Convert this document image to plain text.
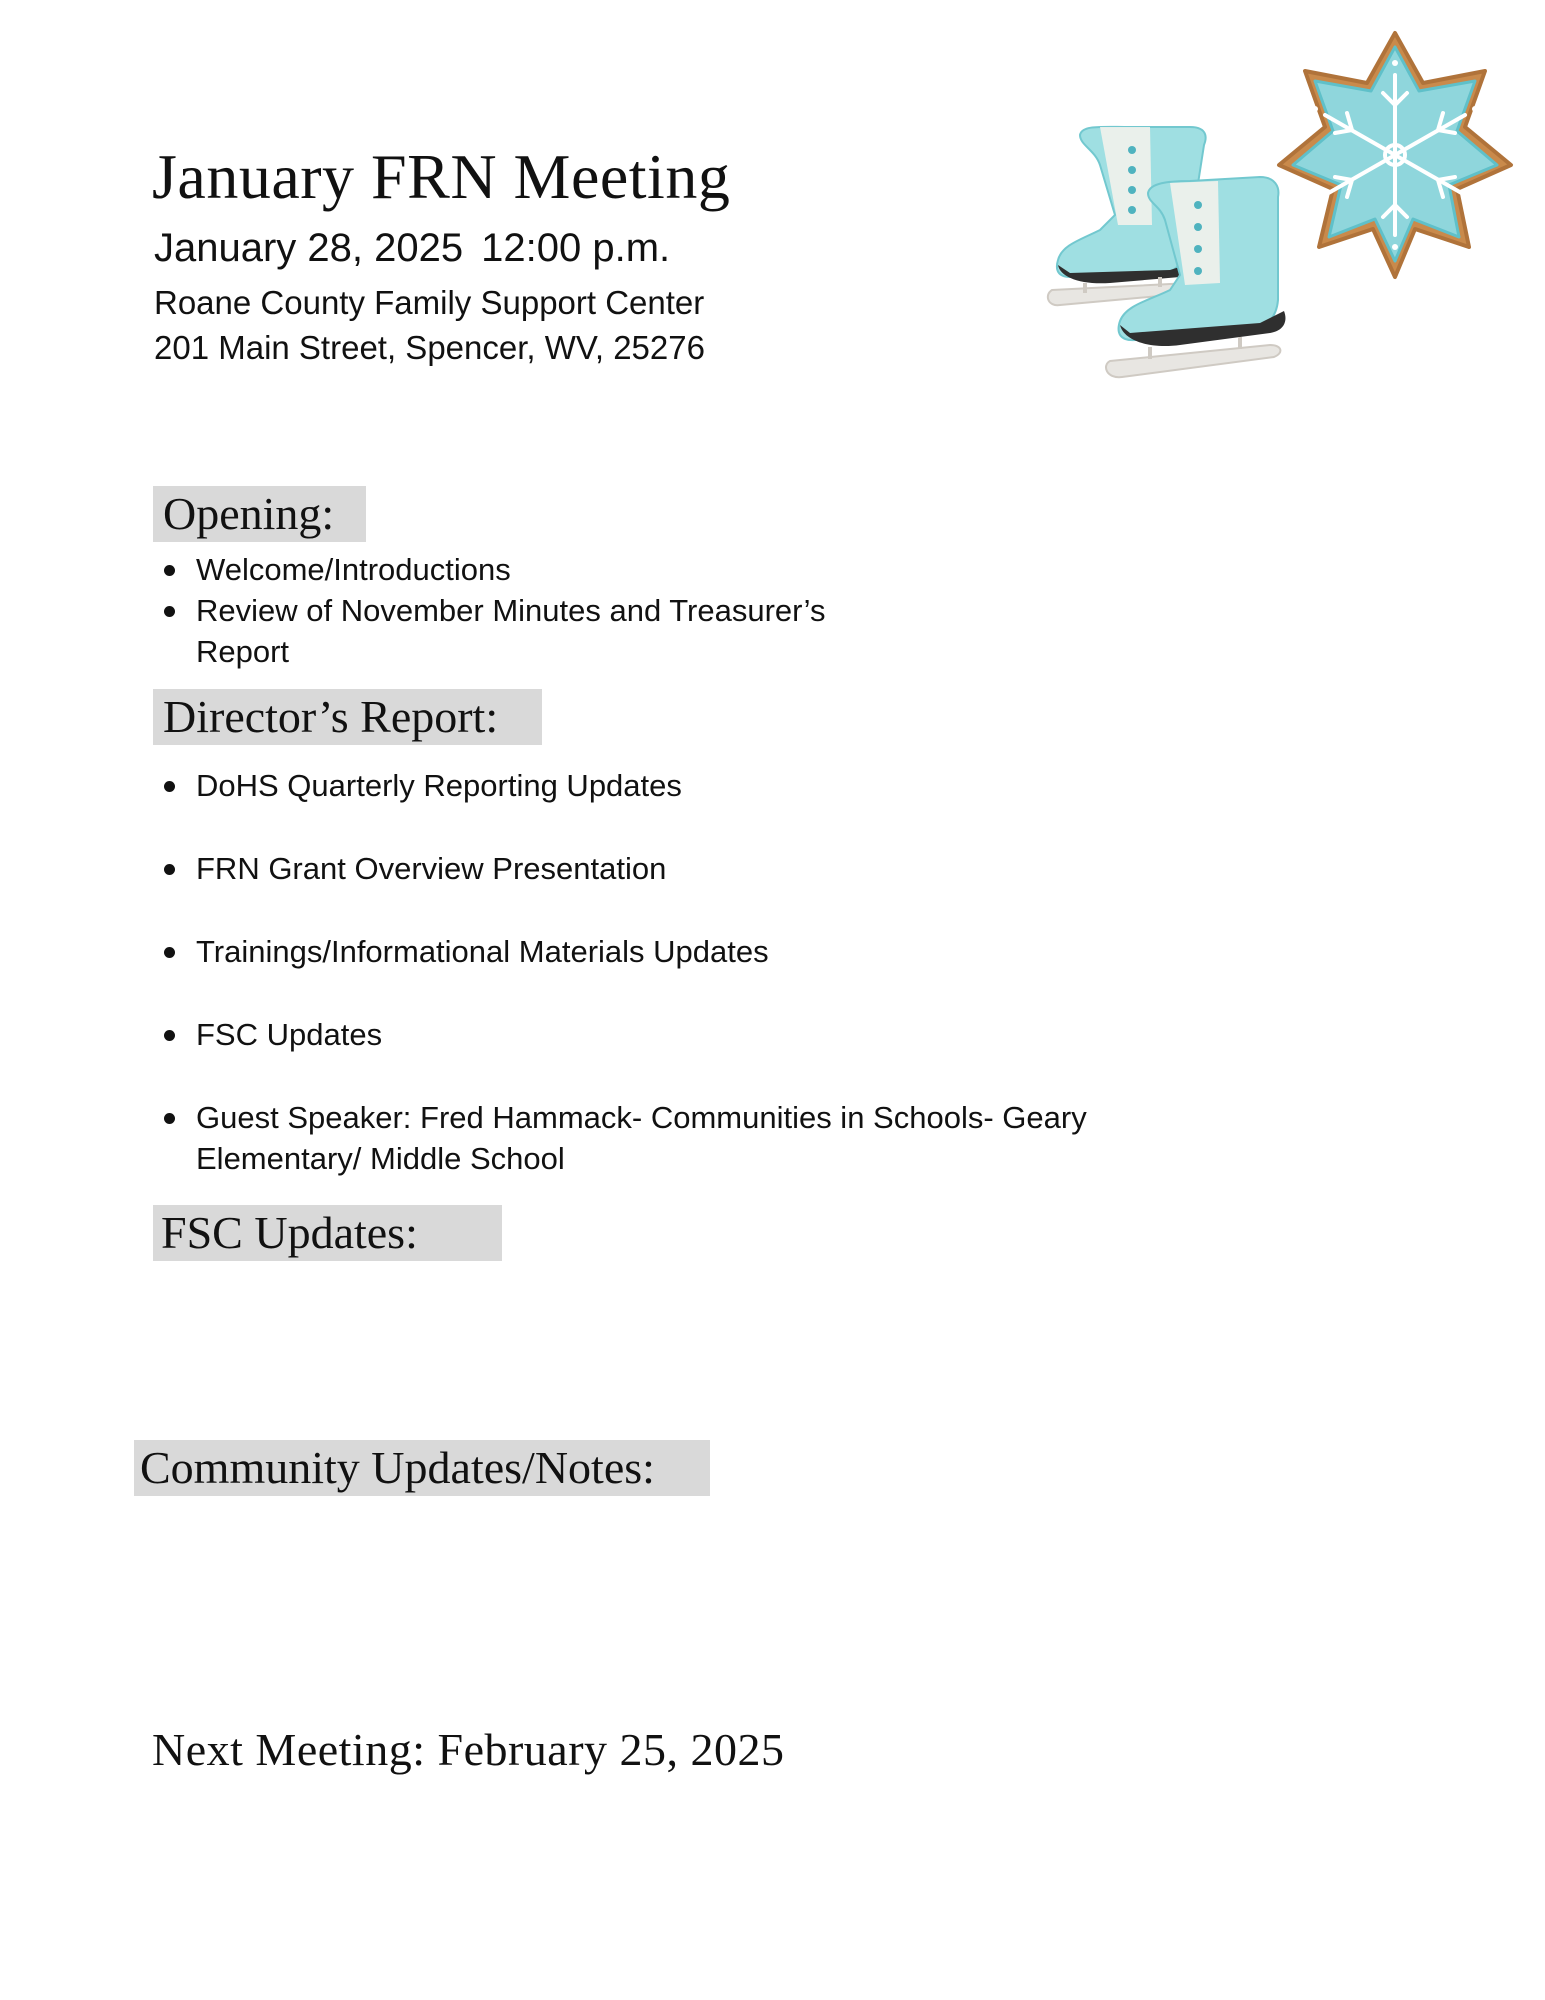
January FRN Meeting
January 28, 2025 12:00 p.m.
Roane County Family Support Center
201 Main Street, Spencer, WV, 25276
Opening:
Welcome/Introductions
Review of November Minutes and Treasurer’s Report
Director’s Report:
DoHS Quarterly Reporting Updates
FRN Grant Overview Presentation
Trainings/Informational Materials Updates
FSC Updates
Guest Speaker: Fred Hammack- Communities in Schools- Geary Elementary/ Middle School
FSC Updates:
Community Updates/Notes:
Next Meeting: February 25, 2025
